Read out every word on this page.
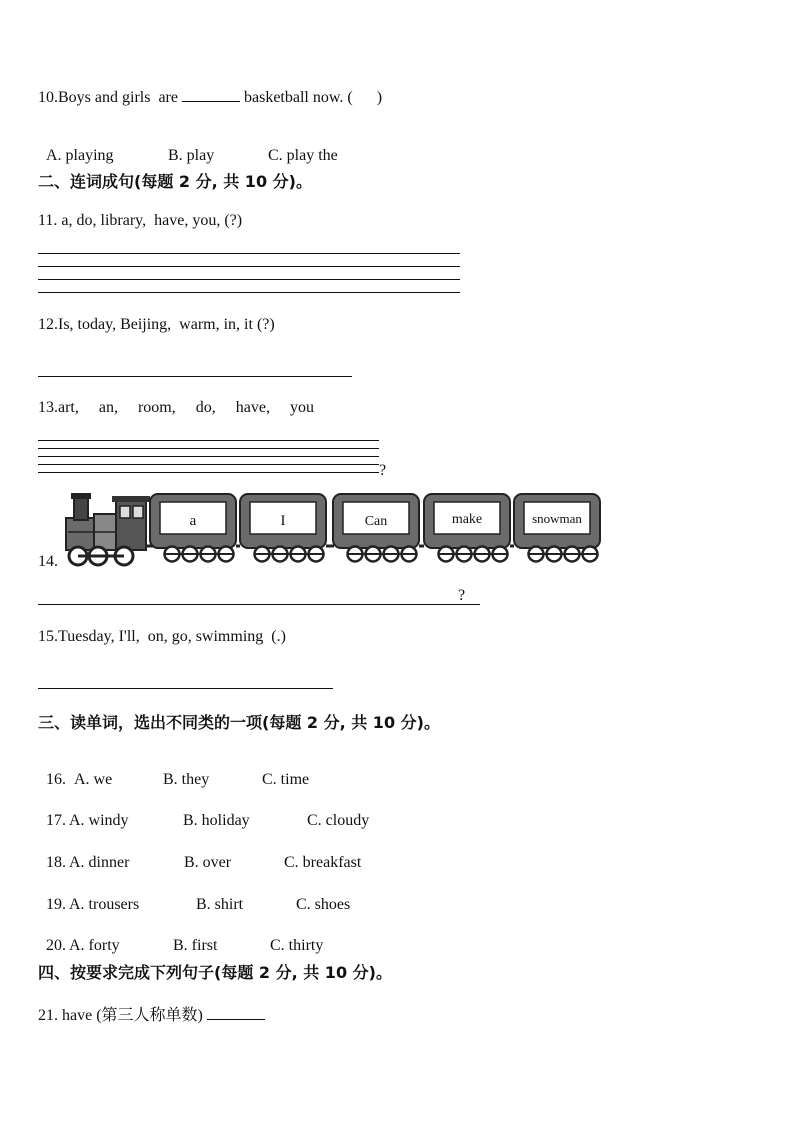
10.Boys and girls  are	basketball now. (      )

A. playing	B. play	C. play the

二、连词成句(每题 2 分, 共 10 分)。
11. a, do, library,  have, you, (?)
12.Is, today, Beijing,  warm, in, it (?)
13.art,     an,     room,     do,     have,     you
?
14.
a	I	Can	make	snowman
?
15.Tuesday, I'll,  on, go, swimming  (.)
三、读单词，选出不同类的一项(每题 2 分, 共 10 分)。

16. A. we	B. they	C. time

17. A. windy	B. holiday	C. cloudy

18. A. dinner	B. over	C. breakfast

19. A. trousers	B. shirt	C. shoes

20. A. forty	B. first	C. thirty

四、按要求完成下列句子(每题 2 分, 共 10 分)。
21. have (第三人称单数)
